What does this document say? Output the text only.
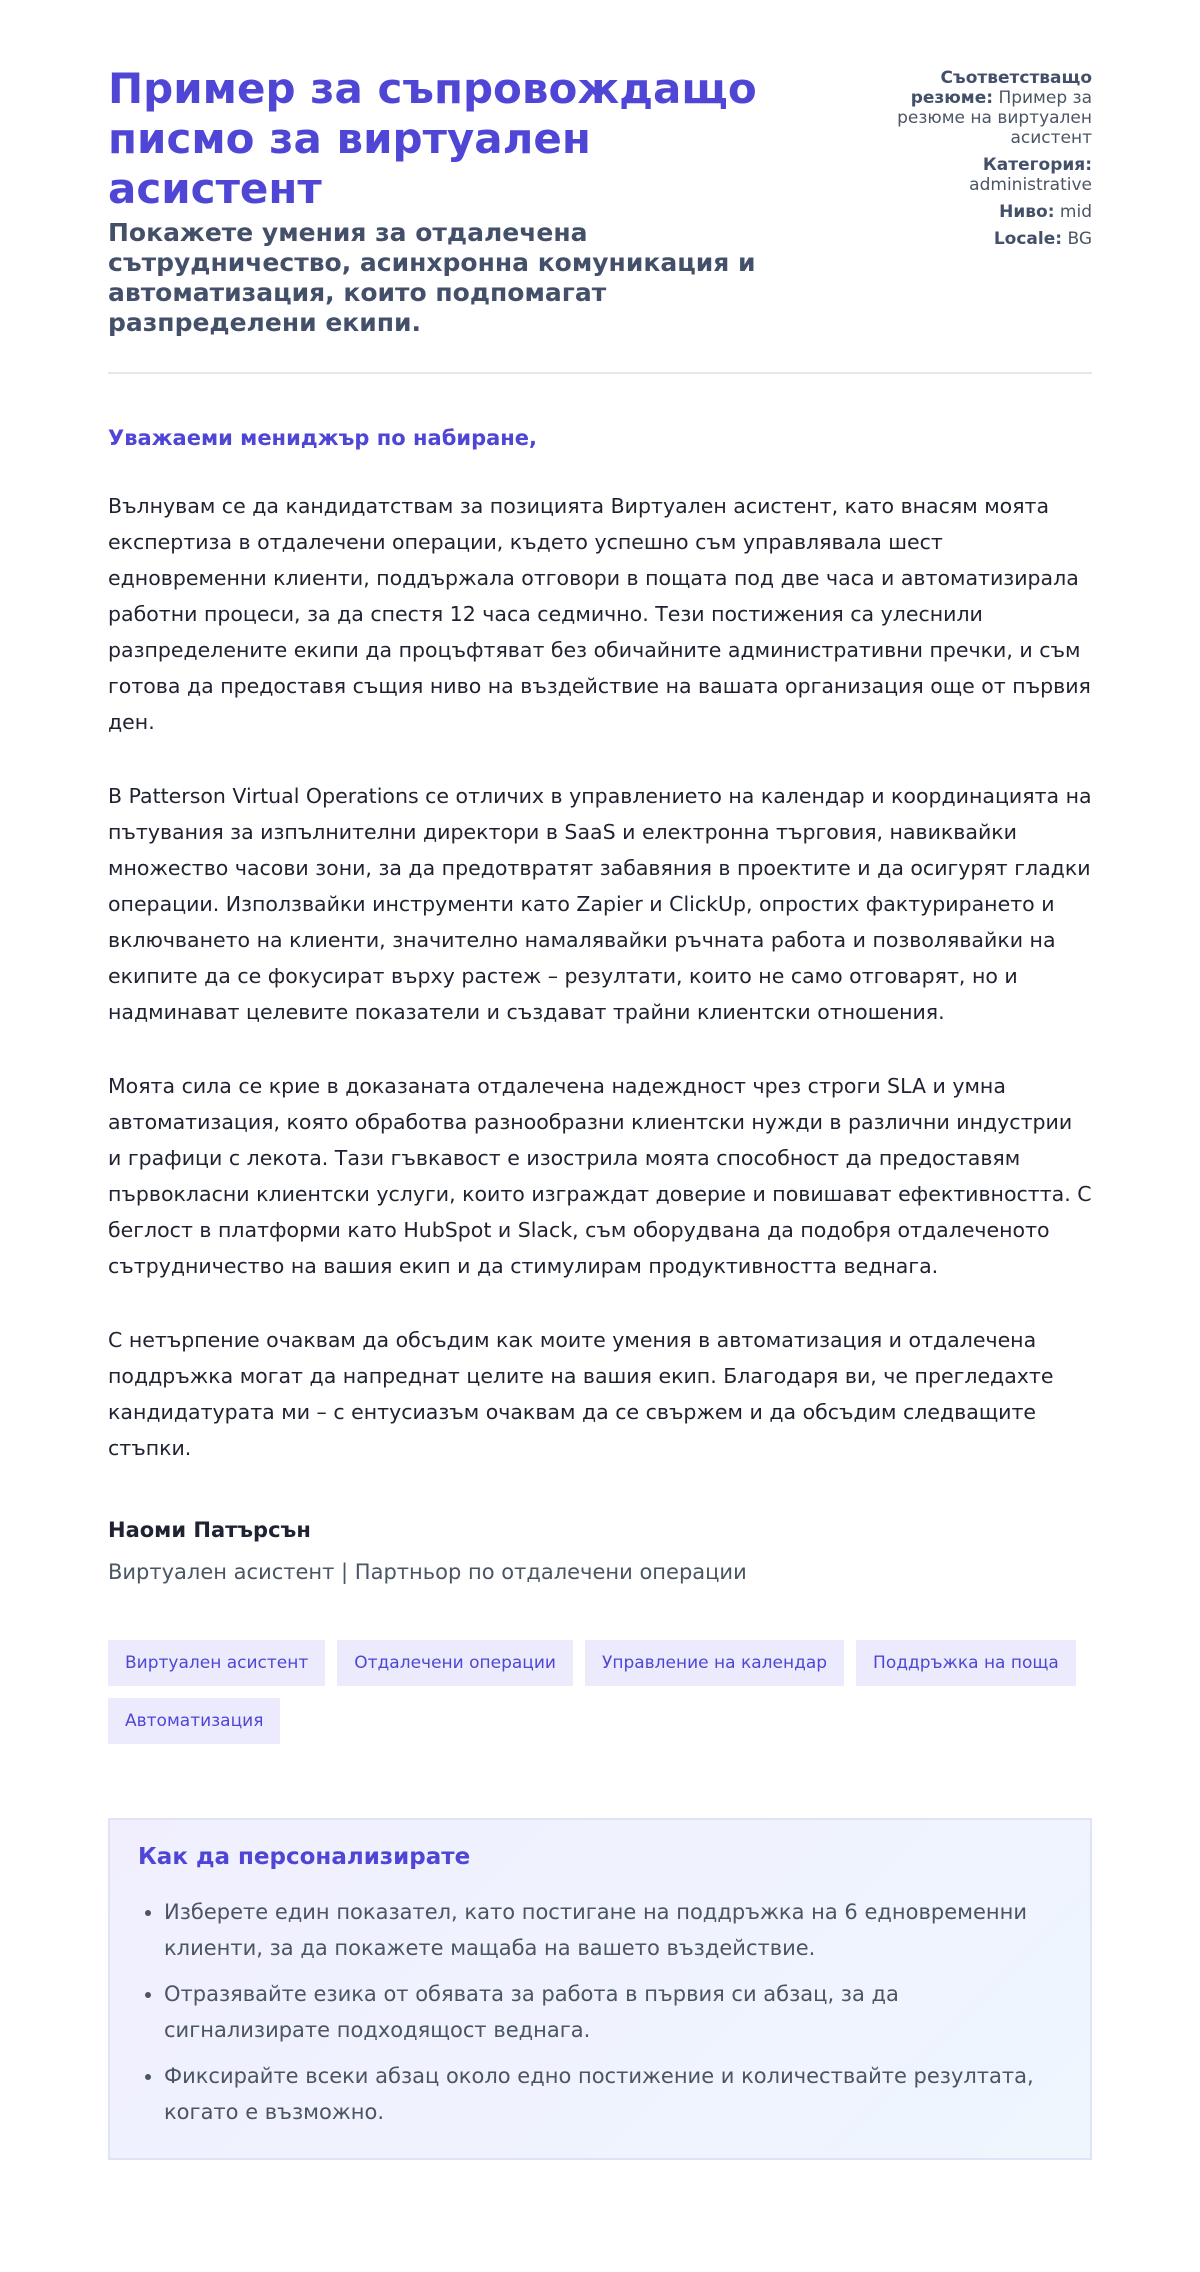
Пример за съпровождащо писмо за виртуален асистент
Покажете умения за отдалечена сътрудничество, асинхронна комуникация и автоматизация, които подпомагат разпределени екипи.
Съответстващо резюме: Пример за резюме на виртуален асистент
Категория: administrative
Ниво: mid
Locale: BG

Уважаеми мениджър по набиране,

Вълнувам се да кандидатствам за позицията Виртуален асистент, като внасям моята експертиза в отдалечени операции, където успешно съм управлявала шест едновременни клиенти, поддържала отговори в пощата под две часа и автоматизирала работни процеси, за да спестя 12 часа седмично. Тези постижения са улеснили разпределените екипи да процъфтяват без обичайните административни пречки, и съм готова да предоставя същия ниво на въздействие на вашата организация още от първия ден.

В Patterson Virtual Operations се отличих в управлението на календар и координацията на пътувания за изпълнителни директори в SaaS и електронна търговия, навиквайки множество часови зони, за да предотвратят забавяния в проектите и да осигурят гладки операции. Използвайки инструменти като Zapier и ClickUp, опростих фактурирането и включването на клиенти, значително намалявайки ръчната работа и позволявайки на екипите да се фокусират върху растеж – резултати, които не само отговарят, но и надминават целевите показатели и създават трайни клиентски отношения.

Моята сила се крие в доказаната отдалечена надеждност чрез строги SLA и умна автоматизация, която обработва разнообразни клиентски нужди в различни индустрии и графици с лекота. Тази гъвкавост е изострила моята способност да предоставям първокласни клиентски услуги, които изграждат доверие и повишават ефективността. С беглост в платформи като HubSpot и Slack, съм оборудвана да подобря отдалеченото сътрудничество на вашия екип и да стимулирам продуктивността веднага.

С нетърпение очаквам да обсъдим как моите умения в автоматизация и отдалечена поддръжка могат да напреднат целите на вашия екип. Благодаря ви, че прегледахте кандидатурата ми – с ентусиазъм очаквам да се свържем и да обсъдим следващите стъпки.

Наоми Патърсън

Виртуален асистент | Партньор по отдалечени операции
Виртуален асистент	Отдалечени операции	Управление на календар	Поддръжка на поща
Автоматизация
Как да персонализирате
• Изберете един показател, като постигане на поддръжка на 6 едновременни клиенти, за да покажете мащаба на вашето въздействие.
• Отразявайте езика от обявата за работа в първия си абзац, за да сигнализирате подходящост веднага.
• Фиксирайте всеки абзац около едно постижение и количествайте резултата, когато е възможно.
